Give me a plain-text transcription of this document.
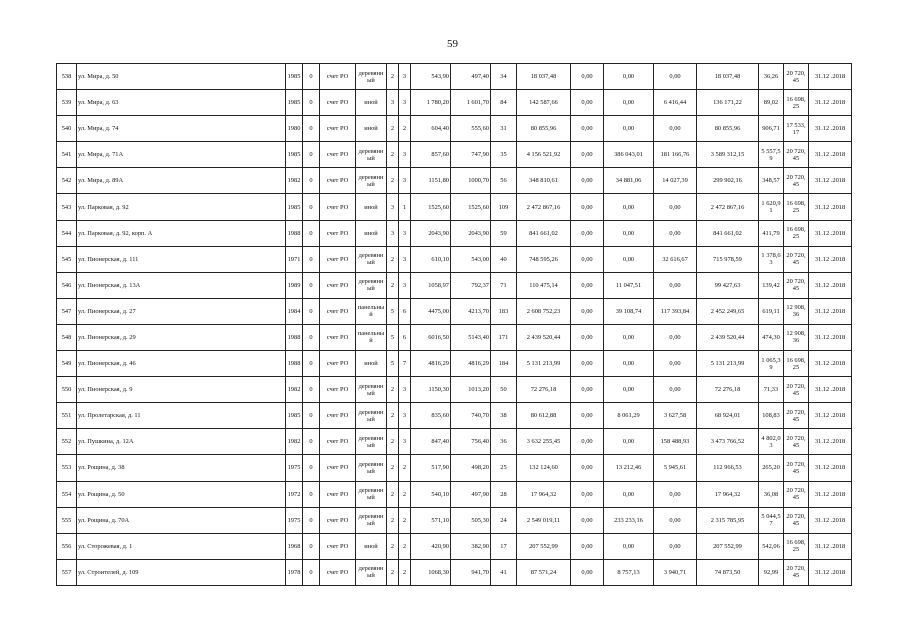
59
538	ул. Мира, д. 50	1985	0	счет РО	деревянный	2	3	543,90	497,40	34	18 037,48	0,00	0,00	0,00	18 037,48	36,26	20 720,45	31.12 .2018
539	ул. Мира, д. 63	1985	0	счет РО	иной	3	3	1 780,20	1 601,70	84	142 587,66	0,00	0,00	6 416,44	136 171,22	89,02	16 698,25	31.12 .2018
540	ул. Мира, д. 74	1980	0	счет РО	иной	2	2	604,40	555,60	31	80 855,96	0,00	0,00	0,00	80 855,96	906,71	17 533,17	31.12 .2018
541	ул. Мира, д. 71А	1985	0	счет РО	деревянный	2	3	857,60	747,90	35	4 156 521,92	0,00	386 043,01	181 166,76	3 589 312,15	5 557,59	20 720,45	31.12 .2018
542	ул. Мира, д. 89А	1982	0	счет РО	деревянный	2	3	1151,80	1000,70	56	348 810,61	0,00	34 881,06	14 027,39	299 902,16	348,57	20 720,45	31.12 .2018
543	ул. Парковая, д. 92	1985	0	счет РО	иной	3	1	1525,60	1525,60	109	2 472 867,16	0,00	0,00	0,00	2 472 867,16	1 620,91	16 698,25	31.12 .2018
544	ул. Парковая, д. 92, корп. А	1988	0	счет РО	иной	3	3	2043,90	2043,90	59	841 661,02	0,00	0,00	0,00	841 661,02	411,79	16 698,25	31.12 .2018
545	ул. Пионерская, д. 111	1971	0	счет РО	деревянный	2	3	610,10	543,00	40	748 595,26	0,00	0,00	32 616,67	715 978,59	1 378,63	20 720,45	31.12 .2018
546	ул. Пионерская, д. 13А	1989	0	счет РО	деревянный	2	3	1058,97	792,37	71	110 475,14	0,00	11 047,51	0,00	99 427,63	139,42	20 720,45	31.12 .2018
547	ул. Пионерская, д. 27	1984	0	счет РО	панельный	5	6	4475,00	4213,70	183	2 608 752,23	0,00	39 108,74	117 393,84	2 452 249,65	619,11	12 908,36	31.12 .2018
548	ул. Пионерская, д. 29	1988	0	счет РО	панельный	5	6	6016,50	5143,40	171	2 439 520,44	0,00	0,00	0,00	2 439 520,44	474,30	12 908,36	31.12 .2018
549	ул. Пионерская, д. 46	1988	0	счет РО	иной	5	7	4816,29	4816,29	184	5 131 213,99	0,00	0,00	0,00	5 131 213,99	1 065,39	16 698,25	31.12 .2018
550	ул. Пионерская, д. 9	1982	0	счет РО	деревянный	2	3	1150,30	1013,20	50	72 276,18	0,00	0,00	0,00	72 276,18	71,33	20 720,45	31.12 .2018
551	ул. Пролетарская, д. 11	1985	0	счет РО	деревянный	2	3	835,60	740,70	38	80 612,88	0,00	8 061,29	3 627,58	68 924,01	108,83	20 720,45	31.12 .2018
552	ул. Пушкина, д. 12А	1982	0	счет РО	деревянный	2	3	847,40	756,40	36	3 632 255,45	0,00	0,00	158 488,93	3 473 766,52	4 802,03	20 720,45	31.12 .2018
553	ул. Рощина, д. 38	1975	0	счет РО	деревянный	2	2	517,90	498,20	25	132 124,60	0,00	13 212,46	5 945,61	112 966,53	265,20	20 720,45	31.12 .2018
554	ул. Рощина, д. 50	1972	0	счет РО	деревянный	2	2	540,10	497,90	28	17 964,32	0,00	0,00	0,00	17 964,32	36,08	20 720,45	31.12 .2018
555	ул. Рощина, д. 70А	1975	0	счет РО	деревянный	2	2	571,10	505,30	24	2 549 019,11	0,00	233 233,16	0,00	2 315 785,95	5 044,57	20 720,45	31.12 .2018
556	ул. Сторожевая, д. 1	1968	0	счет РО	иной	2	2	420,90	382,90	17	207 552,99	0,00	0,00	0,00	207 552,99	542,06	16 698,25	31.12 .2018
557	ул. Строителей, д. 109	1978	0	счет РО	деревянный	2	2	1068,30	941,70	41	87 571,24	0,00	8 757,13	3 940,71	74 873,50	92,99	20 720,45	31.12 .2018
